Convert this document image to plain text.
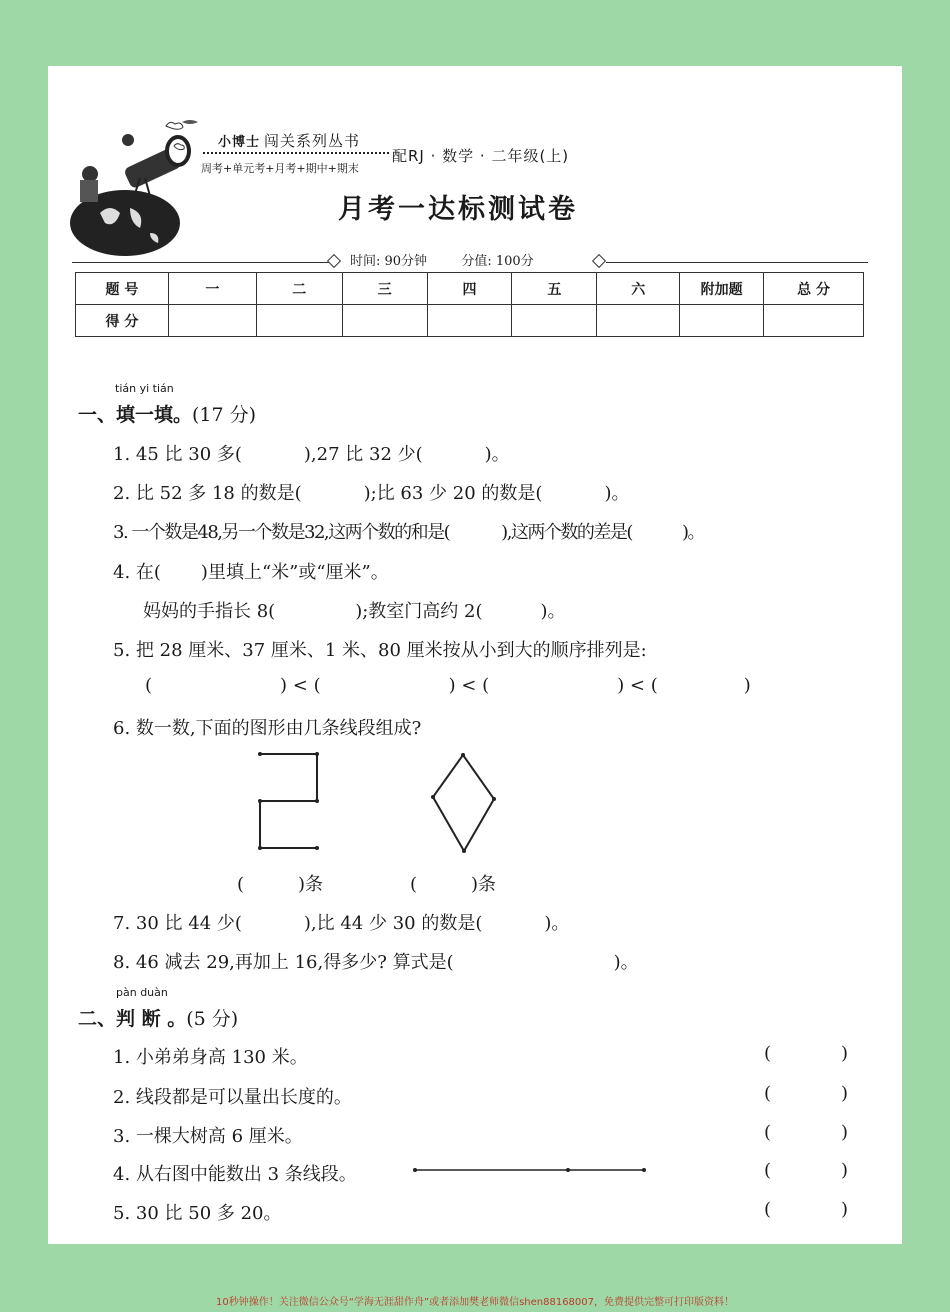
小博士 闯关系列丛书
周考+单元考+月考+期中+期末
配RJ · 数学 · 二年级(上)
月考一达标测试卷
时间: 90分钟	分值: 100分
题 号	一	二	三	四	五	六	附加题	总 分
得 分								
tián yi tián
一、填一填。(17 分)
1. 45 比 30 多(	),27 比 32 少(	)。
2. 比 52 多 18 的数是(	);比 63 少 20 的数是(	)。
3. 一个数是48,另一个数是32,这两个数的和是(	),这两个数的差是(	)。
4. 在( )里填上“米”或“厘米”。
妈妈的手指长 8(	);教室门高约 2(	)。
5. 把 28 厘米、37 厘米、1 米、80 厘米按从小到大的顺序排列是:
(	) < (	) < (	) < (	)
6. 数一数,下面的图形由几条线段组成?
(	)条	(	)条
7. 30 比 44 少(	),比 44 少 30 的数是(	)。
8. 46 减去 29,再加上 16,得多少? 算式是(	)。
pàn duàn
二、判 断 。(5 分)
1. 小弟弟身高 130 米。
2. 线段都是可以量出长度的。
3. 一棵大树高 6 厘米。
4. 从右图中能数出 3 条线段。
5. 30 比 50 多 20。
(	)
(	)
(	)
(	)
(	)
10秒钟操作！关注微信公众号“学海无涯甜作舟”或者添加樊老师微信shen88168007，免费提供完整可打印版资料！
